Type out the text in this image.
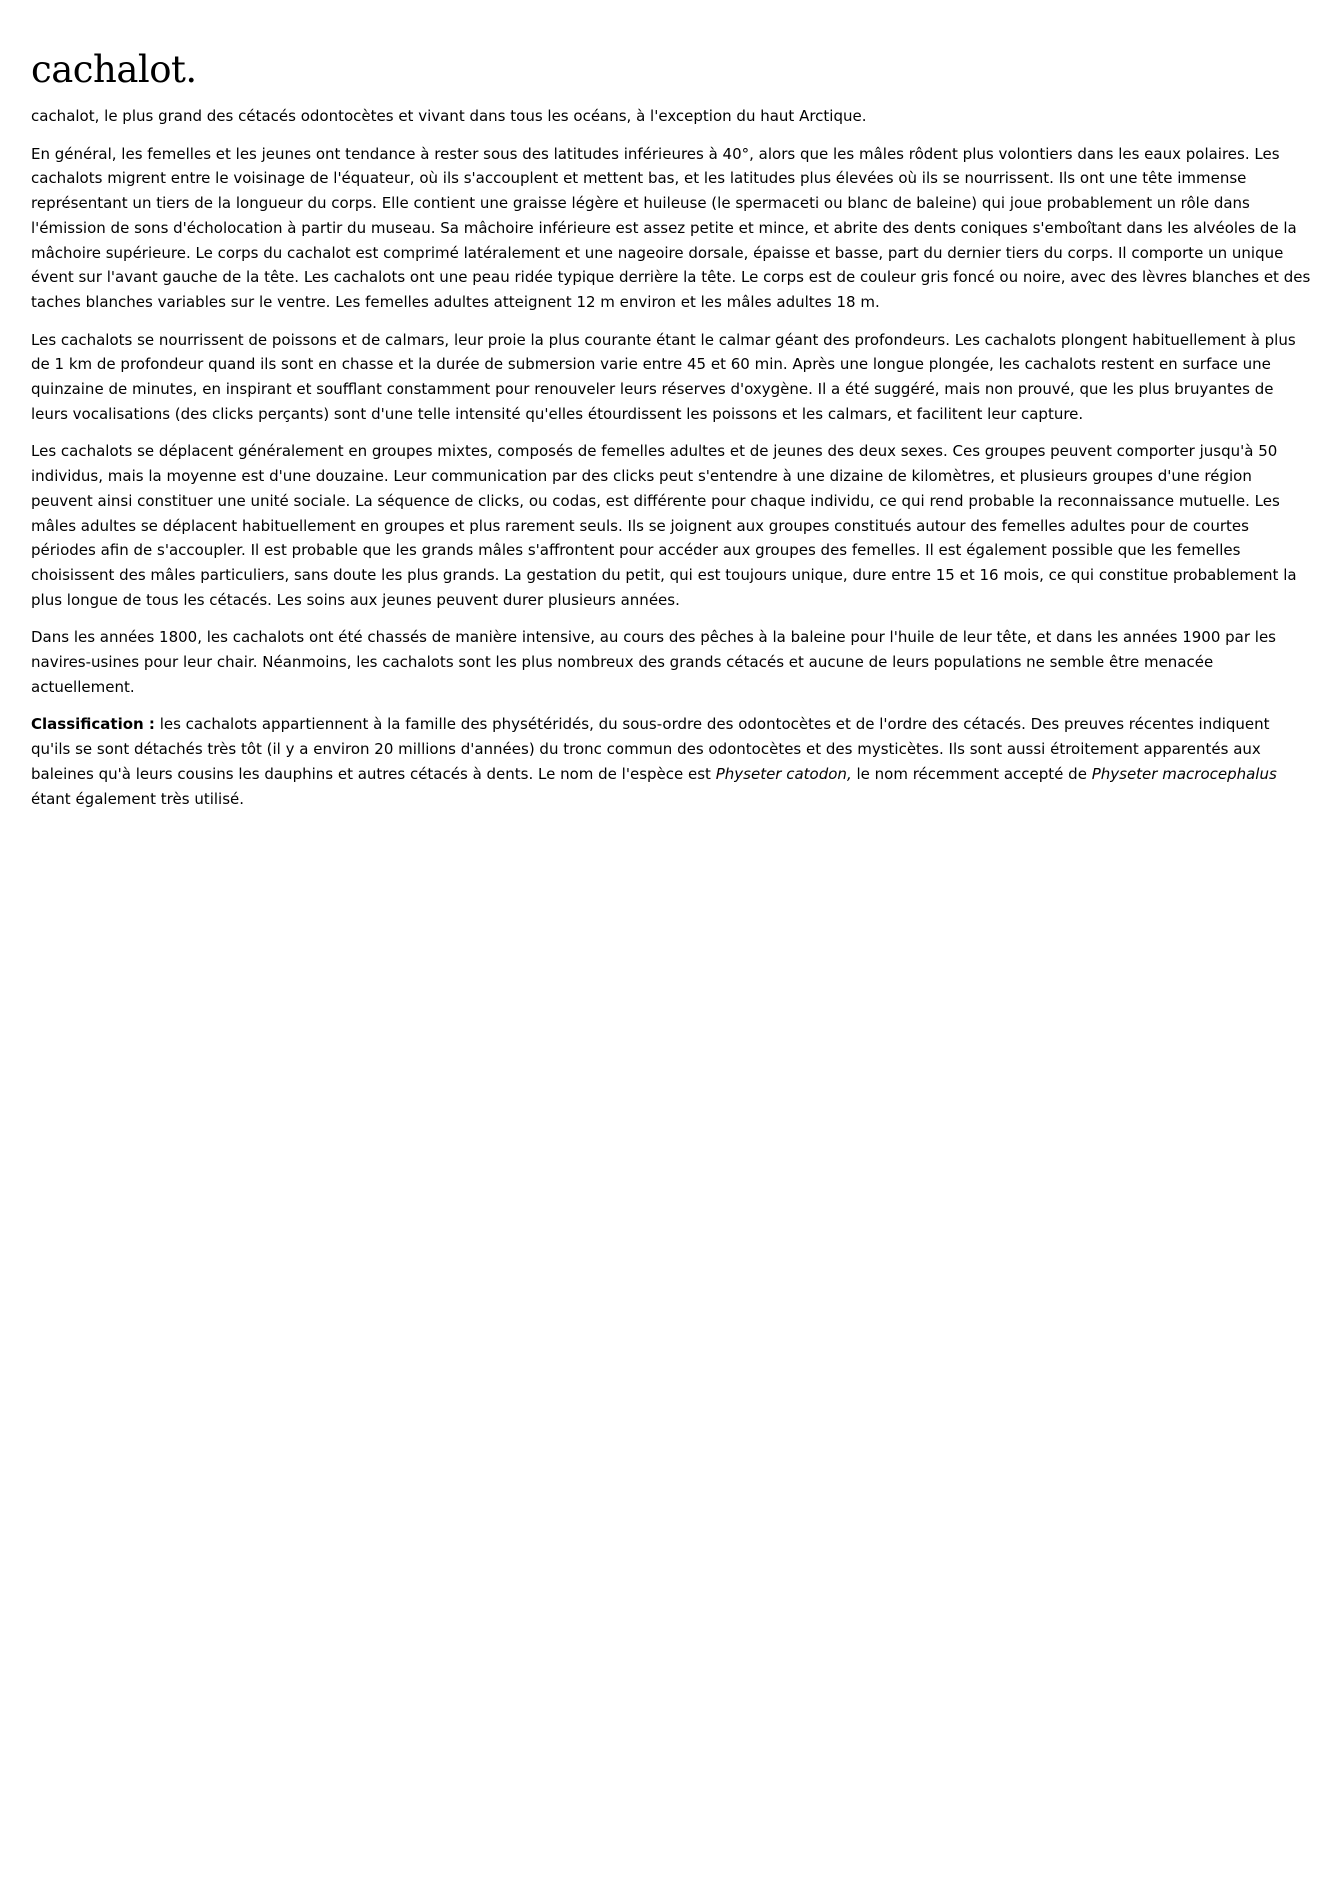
cachalot.

cachalot, le plus grand des cétacés odontocètes et vivant dans tous les océans, à l'exception du haut Arctique.

En général, les femelles et les jeunes ont tendance à rester sous des latitudes inférieures à 40°, alors que les mâles rôdent plus volontiers dans les eaux polaires. Les cachalots migrent entre le voisinage de l'équateur, où ils s'accouplent et mettent bas, et les latitudes plus élevées où ils se nourrissent. Ils ont une tête immense représentant un tiers de la longueur du corps. Elle contient une graisse légère et huileuse (le spermaceti ou blanc de baleine) qui joue probablement un rôle dans l'émission de sons d'écholocation à partir du museau. Sa mâchoire inférieure est assez petite et mince, et abrite des dents coniques s'emboîtant dans les alvéoles de la mâchoire supérieure. Le corps du cachalot est comprimé latéralement et une nageoire dorsale, épaisse et basse, part du dernier tiers du corps. Il comporte un unique évent sur l'avant gauche de la tête. Les cachalots ont une peau ridée typique derrière la tête. Le corps est de couleur gris foncé ou noire, avec des lèvres blanches et des taches blanches variables sur le ventre. Les femelles adultes atteignent 12 m environ et les mâles adultes 18 m.

Les cachalots se nourrissent de poissons et de calmars, leur proie la plus courante étant le calmar géant des profondeurs. Les cachalots plongent habituellement à plus de 1 km de profondeur quand ils sont en chasse et la durée de submersion varie entre 45 et 60 min. Après une longue plongée, les cachalots restent en surface une quinzaine de minutes, en inspirant et soufflant constamment pour renouveler leurs réserves d'oxygène. Il a été suggéré, mais non prouvé, que les plus bruyantes de leurs vocalisations (des clicks perçants) sont d'une telle intensité qu'elles étourdissent les poissons et les calmars, et facilitent leur capture.

Les cachalots se déplacent généralement en groupes mixtes, composés de femelles adultes et de jeunes des deux sexes. Ces groupes peuvent comporter jusqu'à 50 individus, mais la moyenne est d'une douzaine. Leur communication par des clicks peut s'entendre à une dizaine de kilomètres, et plusieurs groupes d'une région peuvent ainsi constituer une unité sociale. La séquence de clicks, ou codas, est différente pour chaque individu, ce qui rend probable la reconnaissance mutuelle. Les mâles adultes se déplacent habituellement en groupes et plus rarement seuls. Ils se joignent aux groupes constitués autour des femelles adultes pour de courtes périodes afin de s'accoupler. Il est probable que les grands mâles s'affrontent pour accéder aux groupes des femelles. Il est également possible que les femelles choisissent des mâles particuliers, sans doute les plus grands. La gestation du petit, qui est toujours unique, dure entre 15 et 16 mois, ce qui constitue probablement la plus longue de tous les cétacés. Les soins aux jeunes peuvent durer plusieurs années.

Dans les années 1800, les cachalots ont été chassés de manière intensive, au cours des pêches à la baleine pour l'huile de leur tête, et dans les années 1900 par les navires-usines pour leur chair. Néanmoins, les cachalots sont les plus nombreux des grands cétacés et aucune de leurs populations ne semble être menacée actuellement.

Classification : les cachalots appartiennent à la famille des physétéridés, du sous-ordre des odontocètes et de l'ordre des cétacés. Des preuves récentes indiquent qu'ils se sont détachés très tôt (il y a environ 20 millions d'années) du tronc commun des odontocètes et des mysticètes. Ils sont aussi étroitement apparentés aux baleines qu'à leurs cousins les dauphins et autres cétacés à dents. Le nom de l'espèce est Physeter catodon, le nom récemment accepté de Physeter macrocephalus étant également très utilisé.
